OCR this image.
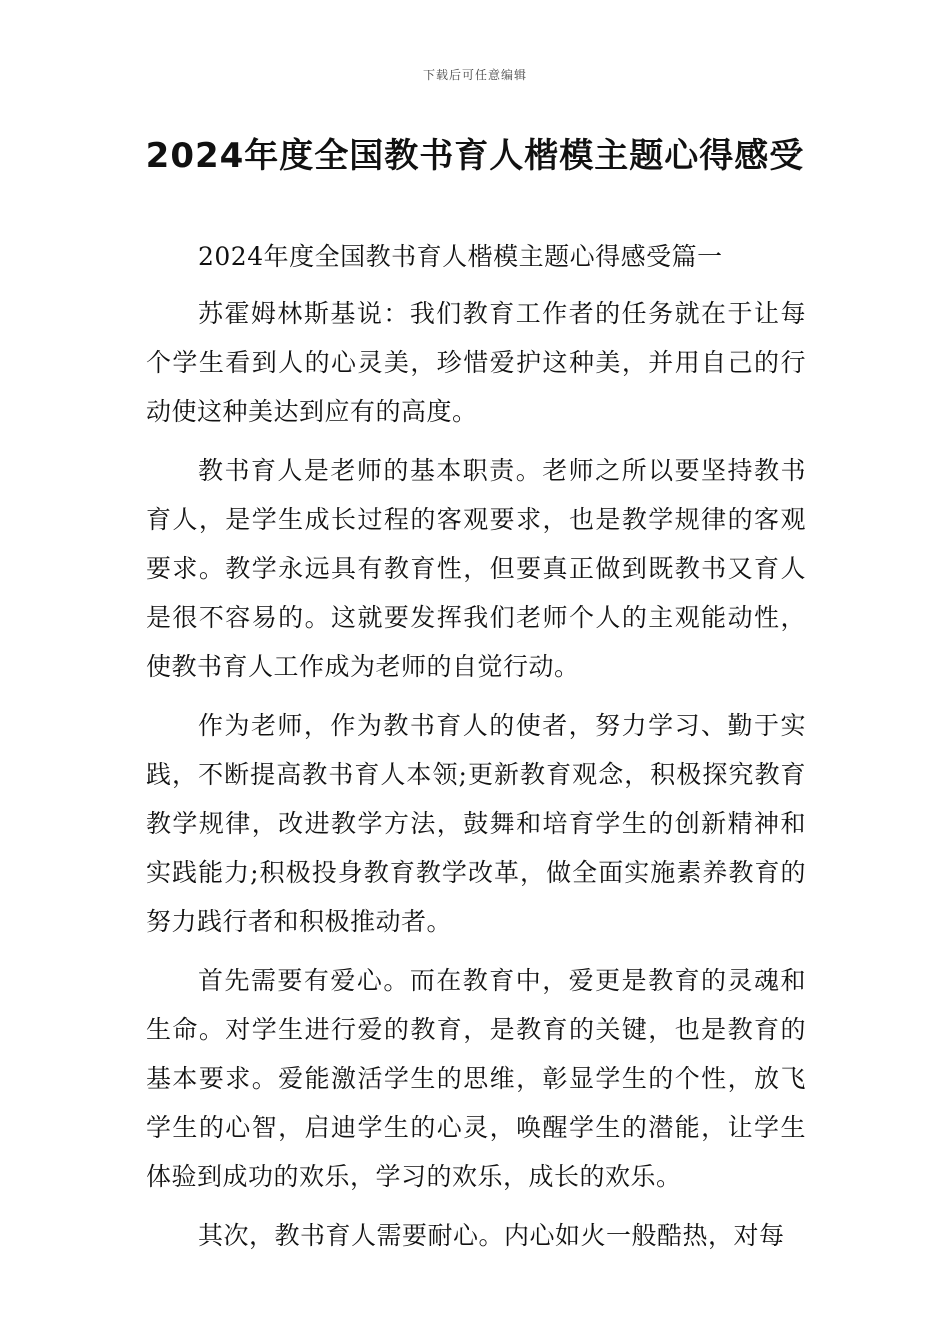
下载后可任意编辑
2024年度全国教书育人楷模主题心得感受

2024年度全国教书育人楷模主题心得感受篇一

苏霍姆林斯基说：我们教育工作者的任务就在于让每个学生看到人的心灵美，珍惜爱护这种美，并用自己的行动使这种美达到应有的高度。

教书育人是老师的基本职责。老师之所以要坚持教书育人，是学生成长过程的客观要求，也是教学规律的客观要求。教学永远具有教育性，但要真正做到既教书又育人是很不容易的。这就要发挥我们老师个人的主观能动性，使教书育人工作成为老师的自觉行动。

作为老师，作为教书育人的使者，努力学习、勤于实践，不断提高教书育人本领;更新教育观念，积极探究教育教学规律，改进教学方法，鼓舞和培育学生的创新精神和实践能力;积极投身教育教学改革，做全面实施素养教育的努力践行者和积极推动者。

首先需要有爱心。而在教育中，爱更是教育的灵魂和生命。对学生进行爱的教育，是教育的关键，也是教育的基本要求。爱能激活学生的思维，彰显学生的个性，放飞学生的心智，启迪学生的心灵，唤醒学生的潜能，让学生体验到成功的欢乐，学习的欢乐，成长的欢乐。

其次，教书育人需要耐心。内心如火一般酷热，对每
